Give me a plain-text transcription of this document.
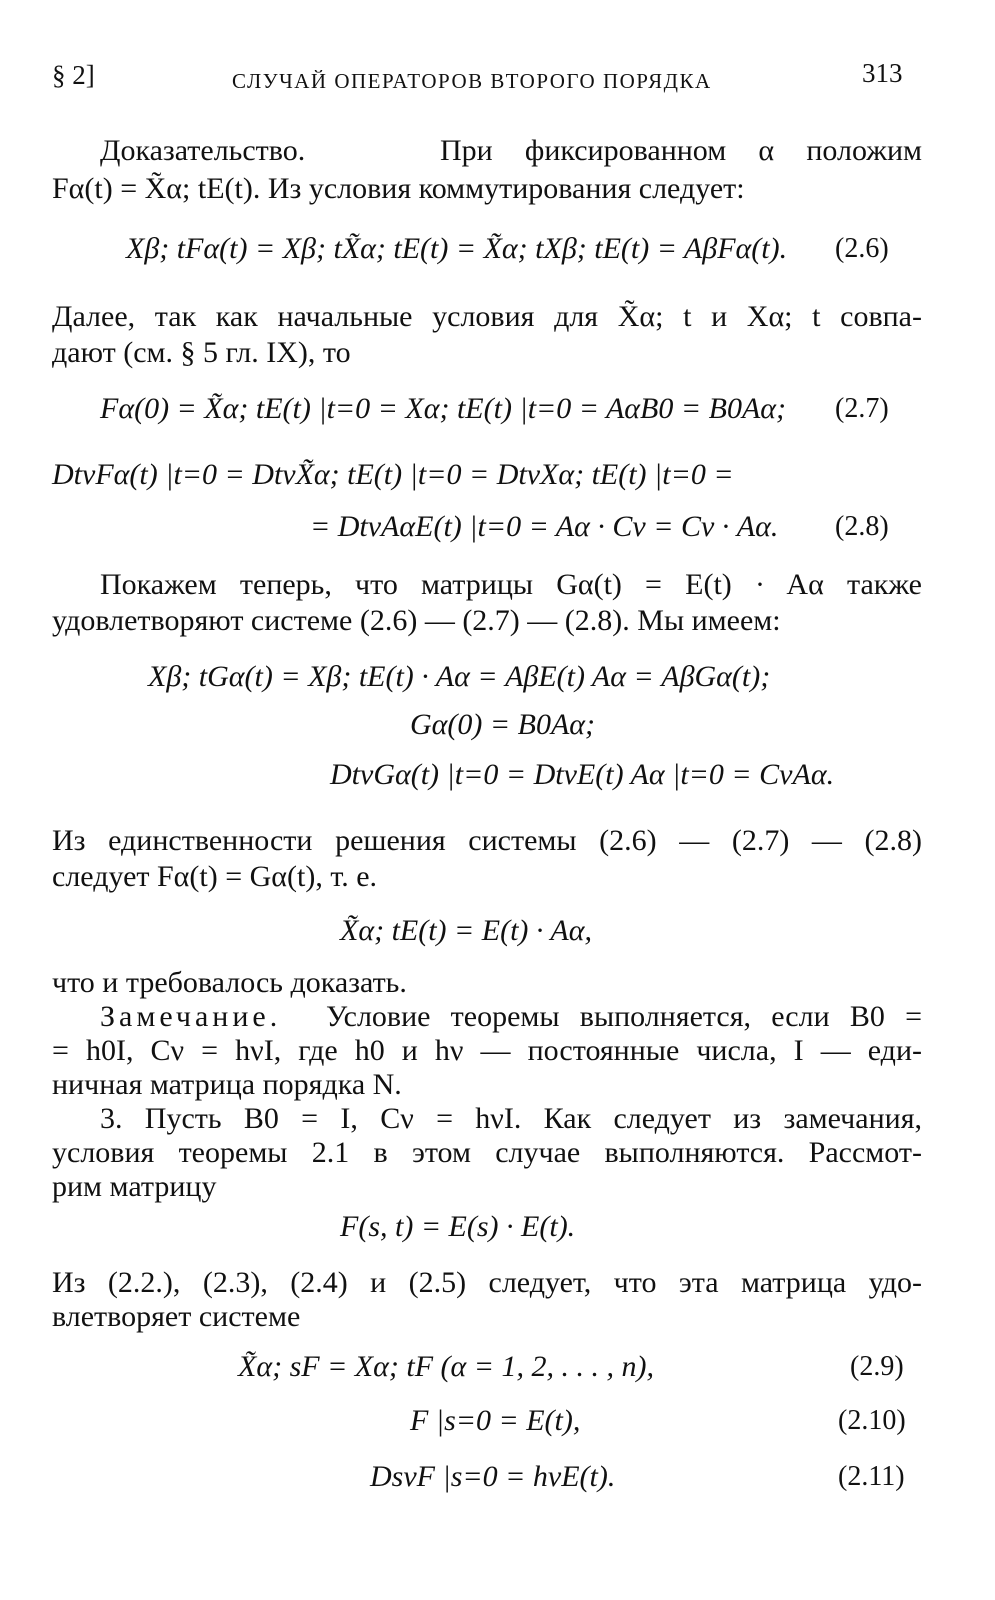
§ 2]	СЛУЧАЙ ОПЕРАТОРОВ ВТОРОГО ПОРЯДКА	313

Доказательство.	При фиксированном α положим

Fα(t) = X̃α; tE(t). Из условия коммутирования следует:

Xβ; tFα(t) = Xβ; tX̃α; tE(t) = X̃α; tXβ; tE(t) = AβFα(t). (2.6)

Далее, так как начальные условия для X̃α; t и Xα; t совпа-

дают (см. § 5 гл. IX), то

Fα(0) = X̃α; tE(t) |t=0 = Xα; tE(t) |t=0 = AαB0 = B0Aα; (2.7)

DtνFα(t) |t=0 = DtνX̃α; tE(t) |t=0 = DtνXα; tE(t) |t=0 =

= DtνAαE(t) |t=0 = Aα · Cν = Cν · Aα. (2.8)

Покажем теперь, что матрицы Gα(t) = E(t) · Aα также

удовлетворяют системе (2.6) — (2.7) — (2.8). Мы имеем:

Xβ; tGα(t) = Xβ; tE(t) · Aα = AβE(t) Aα = AβGα(t);

Gα(0) = B0Aα;

DtνGα(t) |t=0 = DtνE(t) Aα |t=0 = CνAα.

Из единственности решения системы (2.6) — (2.7) — (2.8)

следует Fα(t) = Gα(t), т. е.

X̃α; tE(t) = E(t) · Aα,

что и требовалось доказать.

Замечание. Условие теоремы выполняется, если B0 =

= h0I, Cν = hνI, где h0 и hν — постоянные числа, I — еди-

ничная матрица порядка N.

3. Пусть B0 = I, Cν = hνI. Как следует из замечания,

условия теоремы 2.1 в этом случае выполняются. Рассмот-

рим матрицу

F(s, t) = E(s) · E(t).

Из (2.2.), (2.3), (2.4) и (2.5) следует, что эта матрица удо-

влетворяет системе

X̃α; sF = Xα; tF (α = 1, 2, . . . , n),	(2.9)

F |s=0 = E(t),	(2.10)

DsνF |s=0 = hνE(t).	(2.11)
